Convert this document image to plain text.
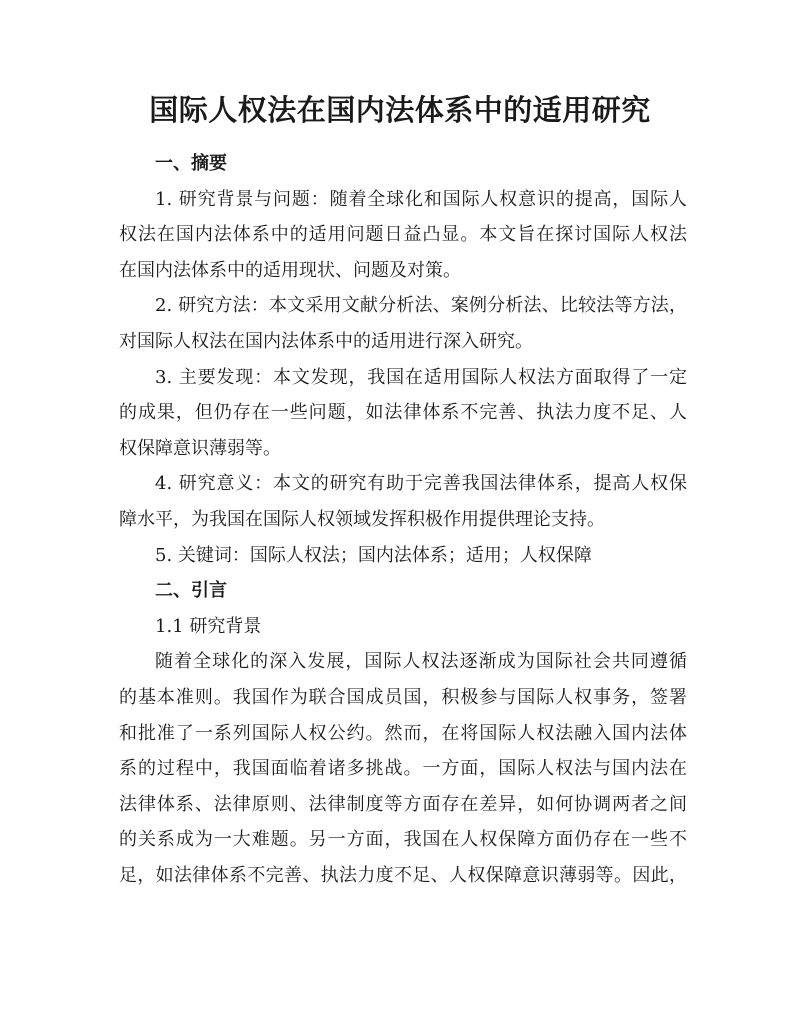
国际人权法在国内法体系中的适用研究
一、摘要
1. 研究背景与问题：随着全球化和国际人权意识的提高，国际人
权法在国内法体系中的适用问题日益凸显。本文旨在探讨国际人权法
在国内法体系中的适用现状、问题及对策。
2. 研究方法：本文采用文献分析法、案例分析法、比较法等方法，
对国际人权法在国内法体系中的适用进行深入研究。
3. 主要发现：本文发现，我国在适用国际人权法方面取得了一定
的成果，但仍存在一些问题，如法律体系不完善、执法力度不足、人
权保障意识薄弱等。
4. 研究意义：本文的研究有助于完善我国法律体系，提高人权保
障水平，为我国在国际人权领域发挥积极作用提供理论支持。
5. 关键词：国际人权法；国内法体系；适用；人权保障
二、引言
1.1 研究背景
随着全球化的深入发展，国际人权法逐渐成为国际社会共同遵循
的基本准则。我国作为联合国成员国，积极参与国际人权事务，签署
和批准了一系列国际人权公约。然而，在将国际人权法融入国内法体
系的过程中，我国面临着诸多挑战。一方面，国际人权法与国内法在
法律体系、法律原则、法律制度等方面存在差异，如何协调两者之间
的关系成为一大难题。另一方面，我国在人权保障方面仍存在一些不
足，如法律体系不完善、执法力度不足、人权保障意识薄弱等。因此，
